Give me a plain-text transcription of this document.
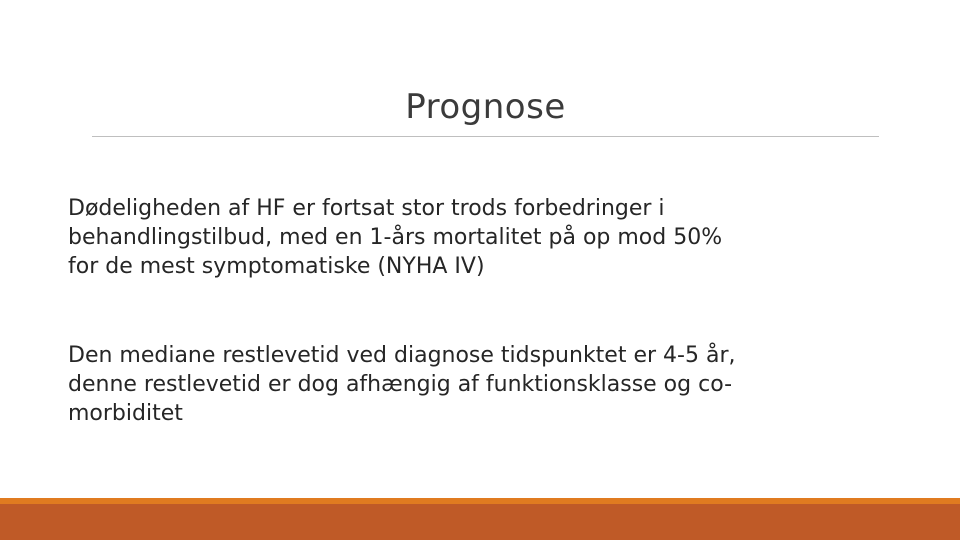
Prognose
Dødeligheden af HF er fortsat stor trods forbedringer i
behandlingstilbud, med en 1-års mortalitet på op mod 50%
for de mest symptomatiske (NYHA IV)
Den mediane restlevetid ved diagnose tidspunktet er 4-5 år,
denne restlevetid er dog afhængig af funktionsklasse og co-
morbiditet
